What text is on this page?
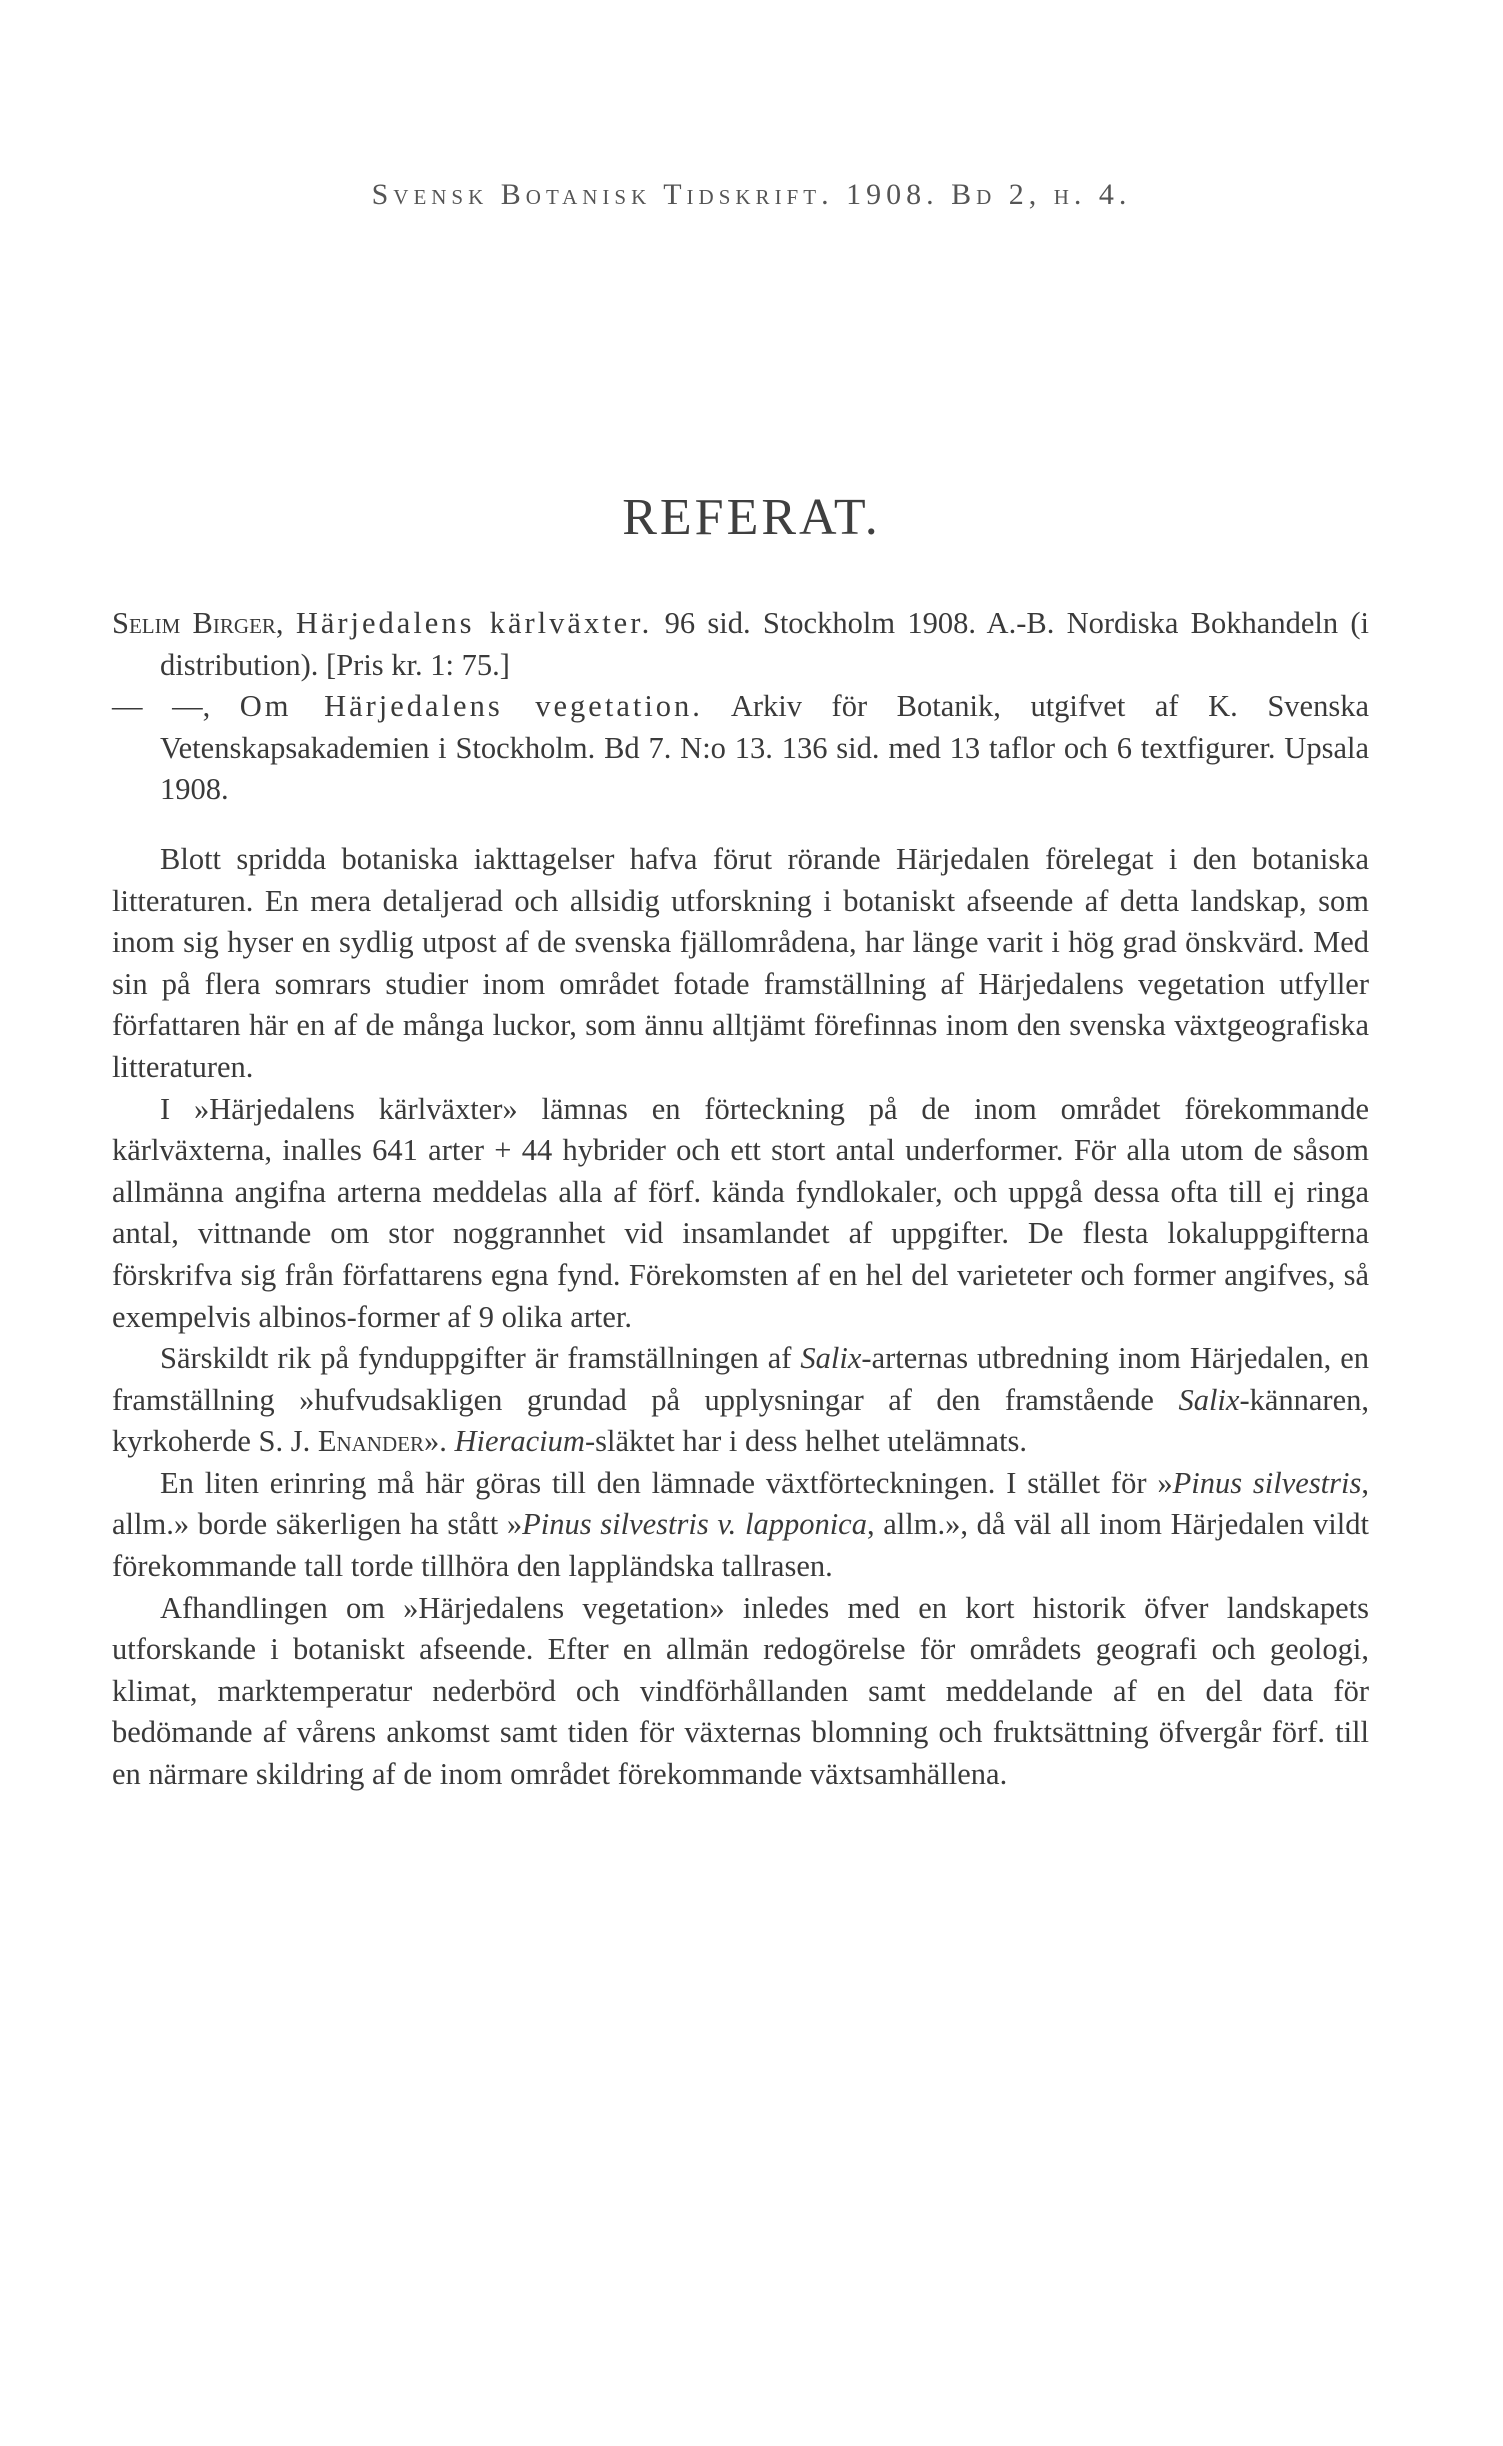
Svensk Botanisk Tidskrift. 1908. Bd 2, h. 4.
REFERAT.

Selim Birger, Härjedalens kärlväxter. 96 sid. Stockholm 1908. A.-B. Nordiska Bokhandeln (i distribution). [Pris kr. 1: 75.]

— —, Om Härjedalens vegetation. Arkiv för Botanik, utgifvet af K. Svenska Vetenskapsakademien i Stockholm. Bd 7. N:o 13. 136 sid. med 13 taflor och 6 textfigurer. Upsala 1908.

Blott spridda botaniska iakttagelser hafva förut rörande Härjedalen förelegat i den botaniska litteraturen. En mera detaljerad och allsidig utforskning i botaniskt afseende af detta landskap, som inom sig hyser en sydlig utpost af de svenska fjällområdena, har länge varit i hög grad önskvärd. Med sin på flera somrars studier inom området fotade framställning af Härjedalens vegetation utfyller författaren här en af de många luckor, som ännu alltjämt förefinnas inom den svenska växtgeografiska litteraturen.

I »Härjedalens kärlväxter» lämnas en förteckning på de inom området förekommande kärlväxterna, inalles 641 arter + 44 hybrider och ett stort antal underformer. För alla utom de såsom allmänna angifna arterna meddelas alla af förf. kända fyndlokaler, och uppgå dessa ofta till ej ringa antal, vittnande om stor noggrannhet vid insamlandet af uppgifter. De flesta lokaluppgifterna förskrifva sig från författarens egna fynd. Förekomsten af en hel del varieteter och former angifves, så exempelvis albinos-former af 9 olika arter.

Särskildt rik på fynduppgifter är framställningen af Salix-arternas utbredning inom Härjedalen, en framställning »hufvudsakligen grundad på upplysningar af den framstående Salix-kännaren, kyrkoherde S. J. Enander». Hieracium-släktet har i dess helhet utelämnats.

En liten erinring må här göras till den lämnade växtförteckningen. I stället för »Pinus silvestris, allm.» borde säkerligen ha stått »Pinus silvestris v. lapponica, allm.», då väl all inom Härjedalen vildt förekommande tall torde tillhöra den lappländska tallrasen.

Afhandlingen om »Härjedalens vegetation» inledes med en kort historik öfver landskapets utforskande i botaniskt afseende. Efter en allmän redogörelse för områdets geografi och geologi, klimat, marktemperatur nederbörd och vindförhållanden samt meddelande af en del data för bedömande af vårens ankomst samt tiden för växternas blomning och fruktsättning öfvergår förf. till en närmare skildring af de inom området förekommande växtsamhällena.
